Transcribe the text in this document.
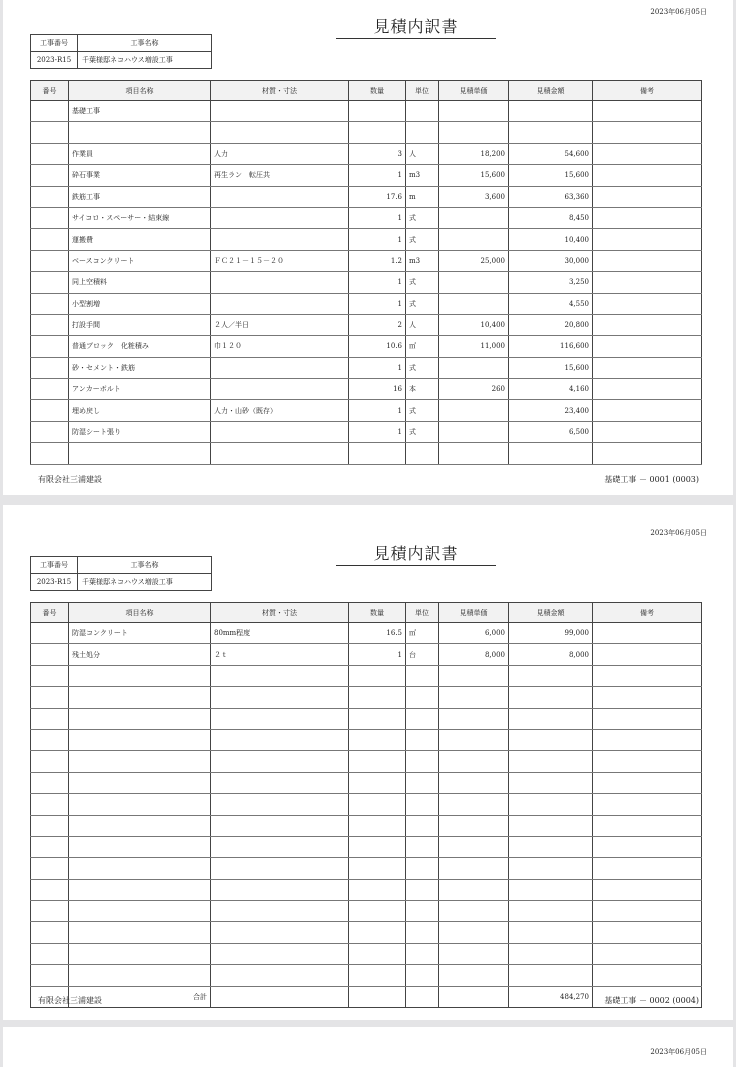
2023年06月05日
見積内訳書
工事番号	工事名称
2023-R15	千葉様邸ネコハウス増設工事
番号	項目名称	材質・寸法	数量	単位	見積単価	見積金額	備考
	基礎工事						

	作業員	人力	3	人	18,200	54,600	
	砕石事業	再生ラン　転圧共	1	m3	15,600	15,600	
	鉄筋工事		17.6	m	3,600	63,360	
	サイコロ・スペーサー・結束線		1	式		8,450	
	運搬費		1	式		10,400	
	ベースコンクリート	ＦＣ２１－１５－２０	1.2	m3	25,000	30,000	
	同上空積料		1	式		3,250	
	小型割増		1	式		4,550	
	打設手間	２人／半日	2	人	10,400	20,800	
	普通ブロック　化粧積み	巾１２０	10.6	㎡	11,000	116,600	
	砂・セメント・鉄筋		1	式		15,600	
	アンカーボルト		16	本	260	4,160	
	埋め戻し	人力・山砂（既存）	1	式		23,400	
	防湿シート張り		1	式		6,500	

有限会社三浦建設	基礎工事 － 0001 (0003)
2023年06月05日
見積内訳書
工事番号	工事名称
2023-R15	千葉様邸ネコハウス増設工事
番号	項目名称	材質・寸法	数量	単位	見積単価	見積金額	備考
	防湿コンクリート	80mm程度	16.5	㎡	6,000	99,000	
	残土処分	２ｔ	1	台	8,000	8,000	

	合計					484,270	
有限会社三浦建設	基礎工事 － 0002 (0004)
2023年06月05日
